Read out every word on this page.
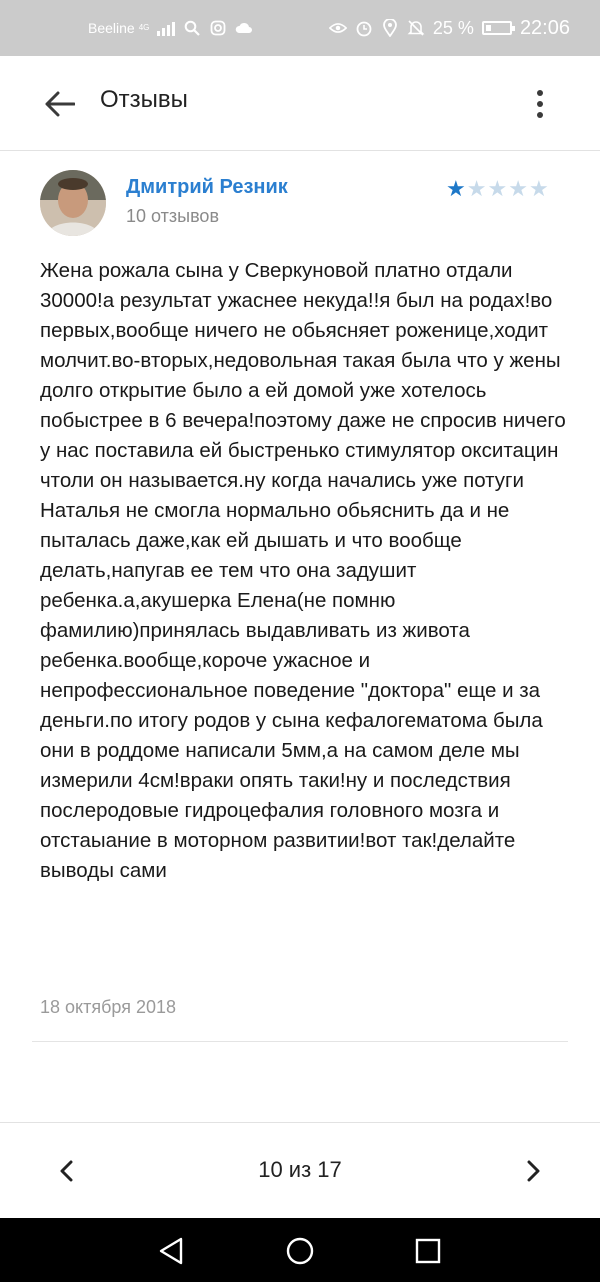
Beeline 4G	25 % 22:06
Отзывы
Дмитрий Резник
10 отзывов
★ ★ ★ ★ ★
Жена рожала сына у Сверкуновой платно отдали 30000!а результат ужаснее некуда!!я был на родах!во первых,вообще ничего не обьясняет роженице,ходит молчит.во-вторых,недовольная такая была что у жены долго открытие было а ей домой уже хотелось побыстрее в 6 вечера!поэтому даже не спросив ничего у нас поставила ей быстренько стимулятор окситацин чтоли он называется.ну когда начались уже потуги Наталья не смогла нормально обьяснить да и не пыталась даже,как ей дышать и что вообще делать,напугав ее тем что она задушит ребенка.а,акушерка Елена(не помню фамилию)принялась выдавливать из живота ребенка.вообще,короче ужасное и непрофессиональное поведение "доктора" еще и за деньги.по итогу родов у сына кефалогематома была они в роддоме написали 5мм,а на самом деле мы измерили 4см!враки опять таки!ну и последствия послеродовые гидроцефалия головного мозга и отстаыание в моторном развитии!вот так!делайте выводы сами
18 октября 2018
10 из 17
